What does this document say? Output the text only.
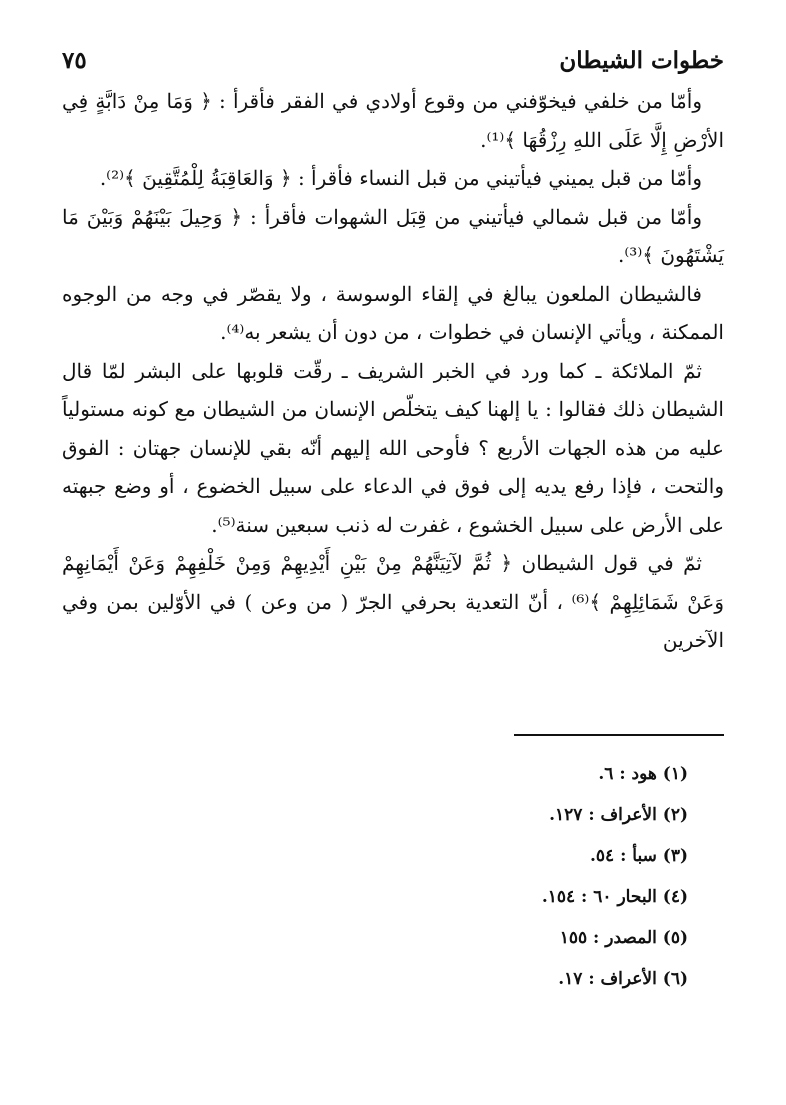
خطوات الشيطان
٧٥

وأمّا من خلفي فيخوّفني من وقوع أولادي في الفقر فأقرأ : ﴿ وَمَا مِنْ دَابَّةٍ فِي الأرْضِ إِلَّا عَلَى اللهِ رِزْقُهَا ﴾⁽¹⁾.

وأمّا من قبل يميني فيأتيني من قبل النساء فأقرأ : ﴿ وَالعَاقِبَةُ لِلْمُتَّقِينَ ﴾⁽²⁾.

وأمّا من قبل شمالي فيأتيني من قِبَل الشهوات فأقرأ : ﴿ وَحِيلَ بَيْنَهُمْ وَبَيْنَ مَا يَشْتَهُونَ ﴾⁽³⁾.

فالشيطان الملعون يبالغ في إلقاء الوسوسة ، ولا يقصّر في وجه من الوجوه الممكنة ، ويأتي الإنسان في خطوات ، من دون أن يشعر به⁽⁴⁾.

ثمّ الملائكة ـ كما ورد في الخبر الشريف ـ رقّت قلوبها على البشر لمّا قال الشيطان ذلك فقالوا : يا إلهنا كيف يتخلّص الإنسان من الشيطان مع كونه مستولياً عليه من هذه الجهات الأربع ؟ فأوحى الله إليهم أنّه بقي للإنسان جهتان : الفوق والتحت ، فإذا رفع يديه إلى فوق في الدعاء على سبيل الخضوع ، أو وضع جبهته على الأرض على سبيل الخشوع ، غفرت له ذنب سبعين سنة⁽⁵⁾.

ثمّ في قول الشيطان ﴿ ثُمَّ لآتِيَنَّهُمْ مِنْ بَيْنِ أَيْدِيهِمْ وَمِنْ خَلْفِهِمْ وَعَنْ أَيْمَانِهِمْ وَعَنْ شَمَائِلِهِمْ ﴾⁽⁶⁾ ، أنّ التعدية بحرفي الجرّ ( من وعن ) في الأوّلين بمن وفي الآخرين

(١) هود : ٦.
(٢) الأعراف : ١٢٧.
(٣) سبأ : ٥٤.
(٤) البحار ٦٠ : ١٥٤.
(٥) المصدر : ١٥٥
(٦) الأعراف : ١٧.
